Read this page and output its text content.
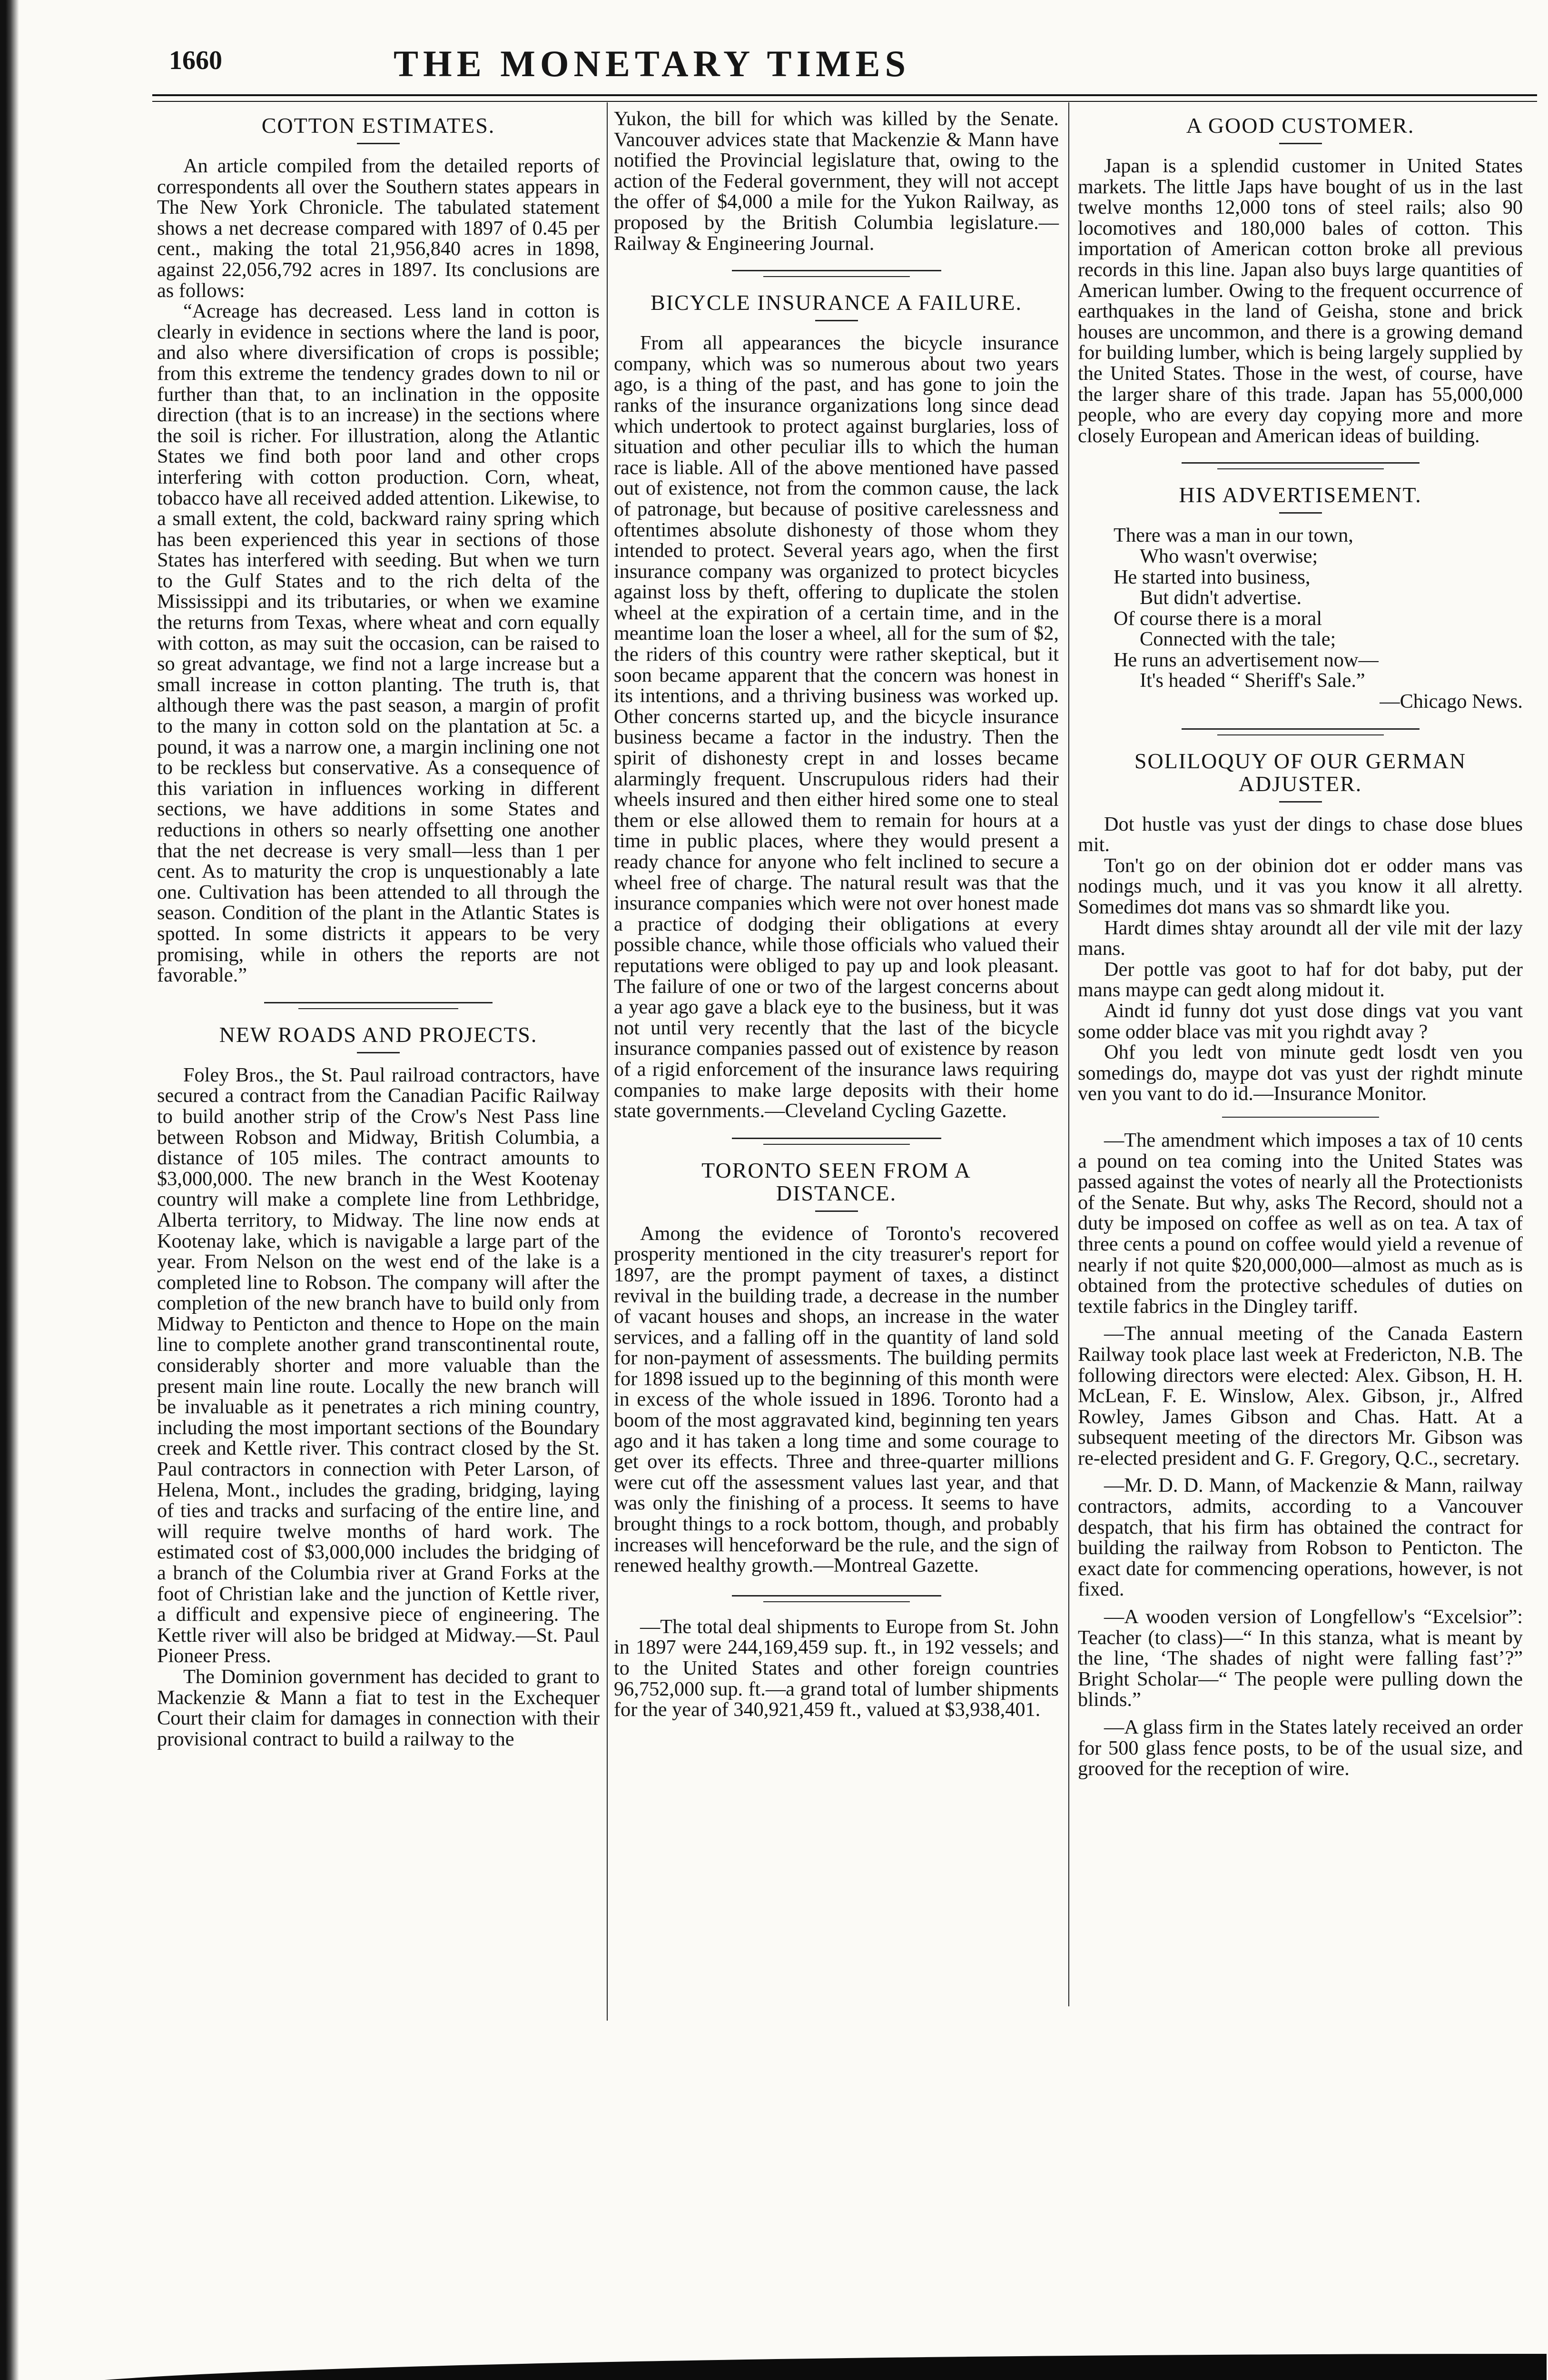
1660	THE MONETARY TIMES
COTTON ESTIMATES.

An article compiled from the detailed reports of correspondents all over the Southern states appears in The New York Chronicle. The tabulated statement shows a net decrease compared with 1897 of 0.45 per cent., making the total 21,956,840 acres in 1898, against 22,056,792 acres in 1897. Its conclusions are as follows:

“Acreage has decreased. Less land in cotton is clearly in evidence in sections where the land is poor, and also where diversification of crops is possible; from this extreme the tendency grades down to nil or further than that, to an inclination in the opposite direction (that is to an increase) in the sections where the soil is richer. For illustration, along the Atlantic States we find both poor land and other crops interfering with cotton production. Corn, wheat, tobacco have all received added attention. Likewise, to a small extent, the cold, backward rainy spring which has been experienced this year in sections of those States has interfered with seeding. But when we turn to the Gulf States and to the rich delta of the Mississippi and its tributaries, or when we examine the returns from Texas, where wheat and corn equally with cotton, as may suit the occasion, can be raised to so great advantage, we find not a large increase but a small increase in cotton planting. The truth is, that although there was the past season, a margin of profit to the many in cotton sold on the plantation at 5c. a pound, it was a narrow one, a margin inclining one not to be reckless but conservative. As a consequence of this variation in influences working in different sections, we have additions in some States and reductions in others so nearly offsetting one another that the net decrease is very small—less than 1 per cent. As to maturity the crop is unquestionably a late one. Cultivation has been attended to all through the season. Condition of the plant in the Atlantic States is spotted. In some districts it appears to be very promising, while in others the reports are not favorable.”

NEW ROADS AND PROJECTS.

Foley Bros., the St. Paul railroad contractors, have secured a contract from the Canadian Pacific Railway to build another strip of the Crow's Nest Pass line between Robson and Midway, British Columbia, a distance of 105 miles. The contract amounts to $3,000,000. The new branch in the West Kootenay country will make a complete line from Lethbridge, Alberta territory, to Midway. The line now ends at Kootenay lake, which is navigable a large part of the year. From Nelson on the west end of the lake is a completed line to Robson. The company will after the completion of the new branch have to build only from Midway to Penticton and thence to Hope on the main line to complete another grand transcontinental route, considerably shorter and more valuable than the present main line route. Locally the new branch will be invaluable as it penetrates a rich mining country, including the most important sections of the Boundary creek and Kettle river. This contract closed by the St. Paul contractors in connection with Peter Larson, of Helena, Mont., includes the grading, bridging, laying of ties and tracks and surfacing of the entire line, and will require twelve months of hard work. The estimated cost of $3,000,000 includes the bridging of a branch of the Columbia river at Grand Forks at the foot of Christian lake and the junction of Kettle river, a difficult and expensive piece of engineering. The Kettle river will also be bridged at Midway.—St. Paul Pioneer Press.

The Dominion government has decided to grant to Mackenzie & Mann a fiat to test in the Exchequer Court their claim for damages in connection with their provisional contract to build a railway to the

Yukon, the bill for which was killed by the Senate. Vancouver advices state that Mackenzie & Mann have notified the Provincial legislature that, owing to the action of the Federal government, they will not accept the offer of $4,000 a mile for the Yukon Railway, as proposed by the British Columbia legislature.—Railway & Engineering Journal.

BICYCLE INSURANCE A FAILURE.

From all appearances the bicycle insurance company, which was so numerous about two years ago, is a thing of the past, and has gone to join the ranks of the insurance organizations long since dead which undertook to protect against burglaries, loss of situation and other peculiar ills to which the human race is liable. All of the above mentioned have passed out of existence, not from the common cause, the lack of patronage, but because of positive carelessness and oftentimes absolute dishonesty of those whom they intended to protect. Several years ago, when the first insurance company was organized to protect bicycles against loss by theft, offering to duplicate the stolen wheel at the expiration of a certain time, and in the meantime loan the loser a wheel, all for the sum of $2, the riders of this country were rather skeptical, but it soon became apparent that the concern was honest in its intentions, and a thriving business was worked up. Other concerns started up, and the bicycle insurance business became a factor in the industry. Then the spirit of dishonesty crept in and losses became alarmingly frequent. Unscrupulous riders had their wheels insured and then either hired some one to steal them or else allowed them to remain for hours at a time in public places, where they would present a ready chance for anyone who felt inclined to secure a wheel free of charge. The natural result was that the insurance companies which were not over honest made a practice of dodging their obligations at every possible chance, while those officials who valued their reputations were obliged to pay up and look pleasant. The failure of one or two of the largest concerns about a year ago gave a black eye to the business, but it was not until very recently that the last of the bicycle insurance companies passed out of existence by reason of a rigid enforcement of the insurance laws requiring companies to make large deposits with their home state governments.—Cleveland Cycling Gazette.

TORONTO SEEN FROM A DISTANCE.

Among the evidence of Toronto's recovered prosperity mentioned in the city treasurer's report for 1897, are the prompt payment of taxes, a distinct revival in the building trade, a decrease in the number of vacant houses and shops, an increase in the water services, and a falling off in the quantity of land sold for non-payment of assessments. The building permits for 1898 issued up to the beginning of this month were in excess of the whole issued in 1896. Toronto had a boom of the most aggravated kind, beginning ten years ago and it has taken a long time and some courage to get over its effects. Three and three-quarter millions were cut off the assessment values last year, and that was only the finishing of a process. It seems to have brought things to a rock bottom, though, and probably increases will henceforward be the rule, and the sign of renewed healthy growth.—Montreal Gazette.

—The total deal shipments to Europe from St. John in 1897 were 244,169,459 sup. ft., in 192 vessels; and to the United States and other foreign countries 96,752,000 sup. ft.—a grand total of lumber shipments for the year of 340,921,459 ft., valued at $3,938,401.

A GOOD CUSTOMER.

Japan is a splendid customer in United States markets. The little Japs have bought of us in the last twelve months 12,000 tons of steel rails; also 90 locomotives and 180,000 bales of cotton. This importation of American cotton broke all previous records in this line. Japan also buys large quantities of American lumber. Owing to the frequent occurrence of earthquakes in the land of Geisha, stone and brick houses are uncommon, and there is a growing demand for building lumber, which is being largely supplied by the United States. Those in the west, of course, have the larger share of this trade. Japan has 55,000,000 people, who are every day copying more and more closely European and American ideas of building.

HIS ADVERTISEMENT.
There was a man in our town,
Who wasn't overwise;
He started into business,
But didn't advertise.
Of course there is a moral
Connected with the tale;
He runs an advertisement now—
It's headed “ Sheriff's Sale.”
—Chicago News.
SOLILOQUY OF OUR GERMAN ADJUSTER.

Dot hustle vas yust der dings to chase dose blues mit.

Ton't go on der obinion dot er odder mans vas nodings much, und it vas you know it all alretty. Somedimes dot mans vas so shmardt like you.

Hardt dimes shtay aroundt all der vile mit der lazy mans.

Der pottle vas goot to haf for dot baby, put der mans maype can gedt along midout it.

Aindt id funny dot yust dose dings vat you vant some odder blace vas mit you righdt avay ?

Ohf you ledt von minute gedt losdt ven you somedings do, maype dot vas yust der righdt minute ven you vant to do id.—Insurance Monitor.

—The amendment which imposes a tax of 10 cents a pound on tea coming into the United States was passed against the votes of nearly all the Protectionists of the Senate. But why, asks The Record, should not a duty be imposed on coffee as well as on tea. A tax of three cents a pound on coffee would yield a revenue of nearly if not quite $20,000,000—almost as much as is obtained from the protective schedules of duties on textile fabrics in the Dingley tariff.

—The annual meeting of the Canada Eastern Railway took place last week at Fredericton, N.B. The following directors were elected: Alex. Gibson, H. H. McLean, F. E. Winslow, Alex. Gibson, jr., Alfred Rowley, James Gibson and Chas. Hatt. At a subsequent meeting of the directors Mr. Gibson was re-elected president and G. F. Gregory, Q.C., secretary.

—Mr. D. D. Mann, of Mackenzie & Mann, railway contractors, admits, according to a Vancouver despatch, that his firm has obtained the contract for building the railway from Robson to Penticton. The exact date for commencing operations, however, is not fixed.

—A wooden version of Longfellow's “Excelsior”: Teacher (to class)—“ In this stanza, what is meant by the line, ‘The shades of night were falling fast’?” Bright Scholar—“ The people were pulling down the blinds.”

—A glass firm in the States lately received an order for 500 glass fence posts, to be of the usual size, and grooved for the reception of wire.
